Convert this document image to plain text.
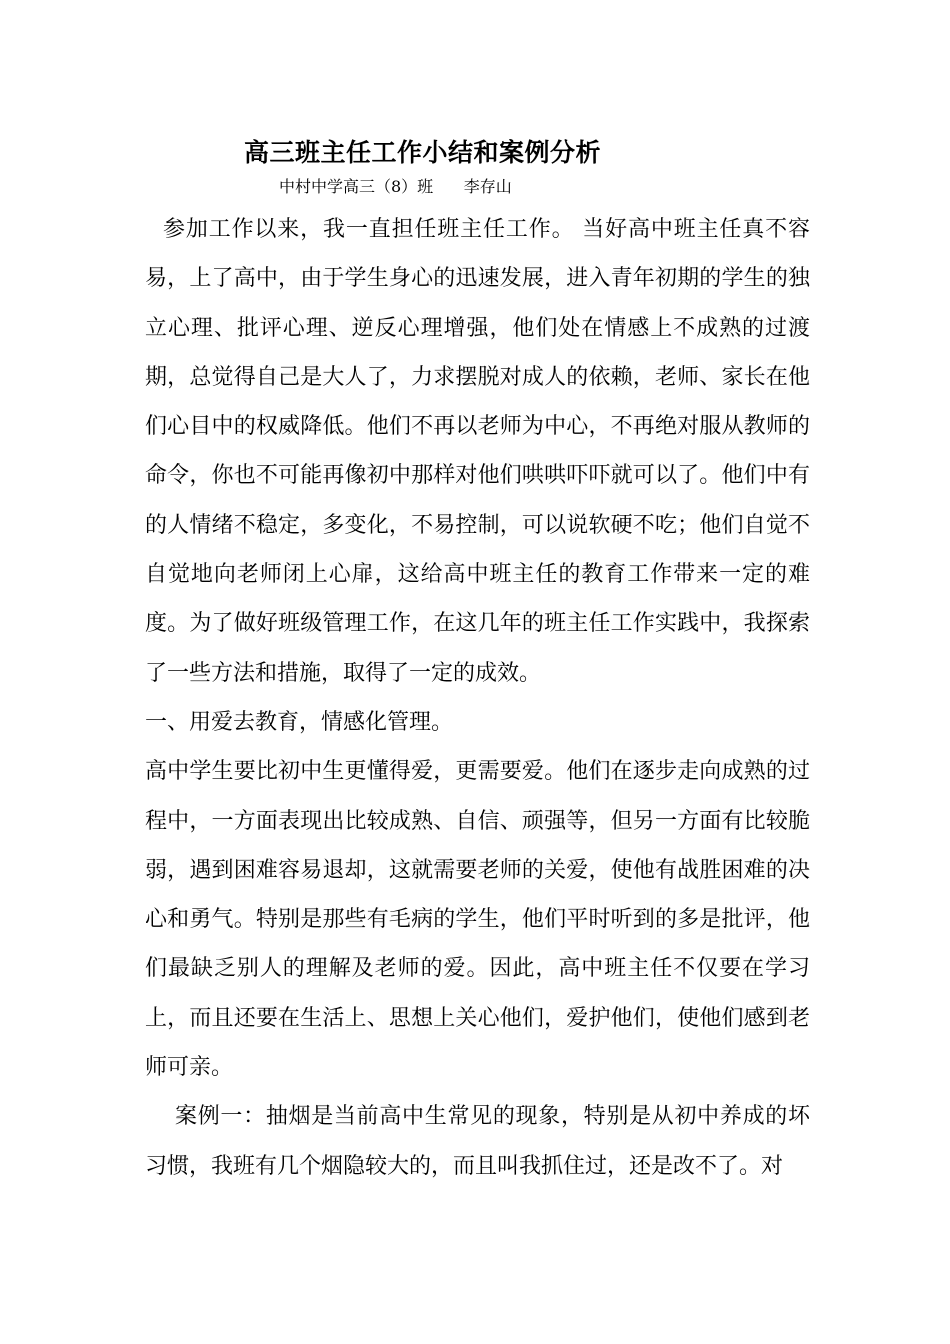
高三班主任工作小结和案例分析
中村中学高三（8）班      李存山

参加工作以来，我一直担任班主任工作。 当好高中班主任真不容易，上了高中，由于学生身心的迅速发展，进入青年初期的学生的独立心理、批评心理、逆反心理增强，他们处在情感上不成熟的过渡期，总觉得自己是大人了，力求摆脱对成人的依赖，老师、家长在他们心目中的权威降低。他们不再以老师为中心，不再绝对服从教师的命令，你也不可能再像初中那样对他们哄哄吓吓就可以了。他们中有的人情绪不稳定，多变化，不易控制，可以说软硬不吃；他们自觉不自觉地向老师闭上心扉，这给高中班主任的教育工作带来一定的难度。为了做好班级管理工作，在这几年的班主任工作实践中，我探索了一些方法和措施，取得了一定的成效。

一、用爱去教育，情感化管理。

高中学生要比初中生更懂得爱，更需要爱。他们在逐步走向成熟的过程中，一方面表现出比较成熟、自信、顽强等，但另一方面有比较脆弱，遇到困难容易退却，这就需要老师的关爱，使他有战胜困难的决心和勇气。特别是那些有毛病的学生，他们平时听到的多是批评，他们最缺乏别人的理解及老师的爱。因此，高中班主任不仅要在学习上，而且还要在生活上、思想上关心他们，爱护他们，使他们感到老师可亲。

案例一：抽烟是当前高中生常见的现象，特别是从初中养成的坏习惯，我班有几个烟隐较大的，而且叫我抓住过，还是改不了。对
